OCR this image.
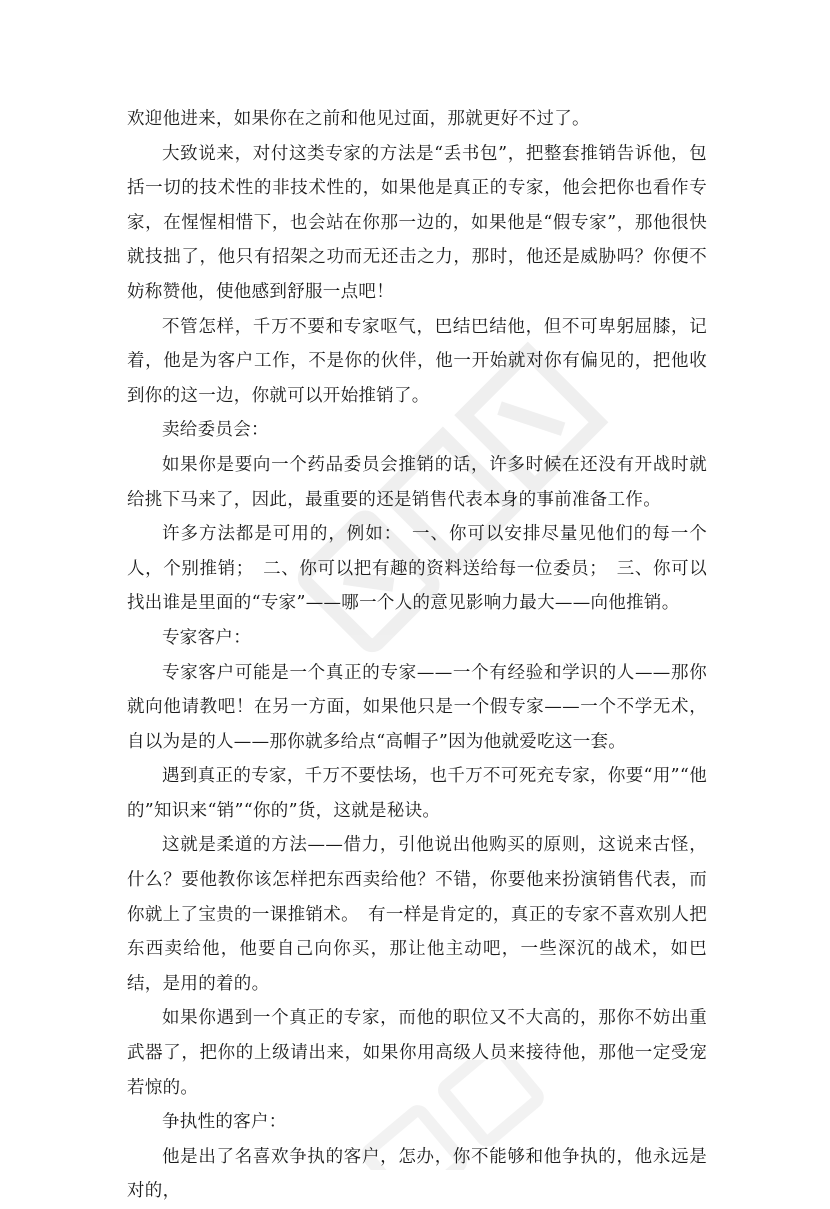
欢迎他进来，如果你在之前和他见过面，那就更好不过了。

大致说来，对付这类专家的方法是“丢书包”，把整套推销告诉他，包括一切的技术性的非技术性的，如果他是真正的专家，他会把你也看作专家，在惺惺相惜下，也会站在你那一边的，如果他是“假专家”，那他很快就技拙了，他只有招架之功而无还击之力，那时，他还是威胁吗？你便不妨称赞他，使他感到舒服一点吧！

不管怎样，千万不要和专家呕气，巴结巴结他，但不可卑躬屈膝，记着，他是为客户工作，不是你的伙伴，他一开始就对你有偏见的，把他收到你的这一边，你就可以开始推销了。

卖给委员会：

如果你是要向一个药品委员会推销的话，许多时候在还没有开战时就给挑下马来了，因此，最重要的还是销售代表本身的事前准备工作。

许多方法都是可用的，例如：　一、你可以安排尽量见他们的每一个人，个别推销；　二、你可以把有趣的资料送给每一位委员；　三、你可以找出谁是里面的“专家”——哪一个人的意见影响力最大——向他推销。

专家客户：

专家客户可能是一个真正的专家——一个有经验和学识的人——那你就向他请教吧！在另一方面，如果他只是一个假专家——一个不学无术，自以为是的人——那你就多给点“高帽子”因为他就爱吃这一套。

遇到真正的专家，千万不要怯场，也千万不可死充专家，你要“用”“他的”知识来“销”“你的”货，这就是秘诀。

这就是柔道的方法——借力，引他说出他购买的原则，这说来古怪，什么？要他教你该怎样把东西卖给他？不错，你要他来扮演销售代表，而你就上了宝贵的一课推销术。　有一样是肯定的，真正的专家不喜欢别人把东西卖给他，他要自己向你买，那让他主动吧，一些深沉的战术，如巴结，是用的着的。

如果你遇到一个真正的专家，而他的职位又不大高的，那你不妨出重武器了，把你的上级请出来，如果你用高级人员来接待他，那他一定受宠若惊的。

争执性的客户：

他是出了名喜欢争执的客户，怎办，你不能够和他争执的，他永远是对的，
